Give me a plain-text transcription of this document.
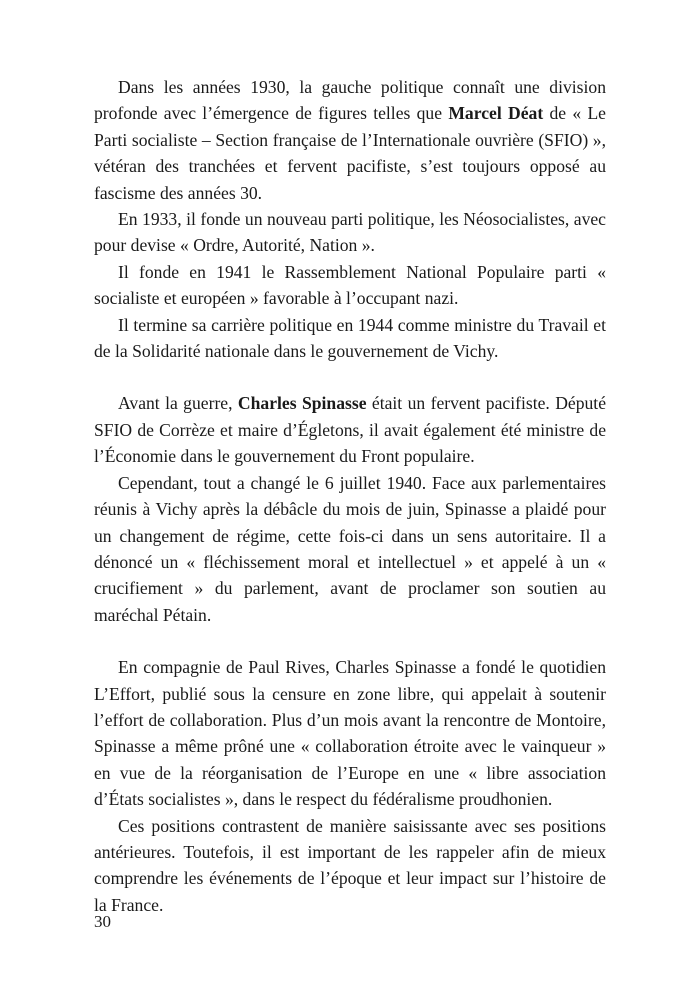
Dans les années 1930, la gauche politique connaît une division profonde avec l’émergence de figures telles que Marcel Déat de « Le Parti socialiste – Section française de l’Internationale ouvrière (SFIO) », vétéran des tranchées et fervent pacifiste, s’est toujours opposé au fascisme des années 30.

En 1933, il fonde un nouveau parti politique, les Néosocialistes, avec pour devise « Ordre, Autorité, Nation ».

Il fonde en 1941 le Rassemblement National Populaire parti « socialiste et européen » favorable à l’occupant nazi.

Il termine sa carrière politique en 1944 comme ministre du Travail et de la Solidarité nationale dans le gouvernement de Vichy.

Avant la guerre, Charles Spinasse était un fervent pacifiste. Député SFIO de Corrèze et maire d’Égletons, il avait également été ministre de l’Économie dans le gouvernement du Front populaire.

Cependant, tout a changé le 6 juillet 1940. Face aux parlementaires réunis à Vichy après la débâcle du mois de juin, Spinasse a plaidé pour un changement de régime, cette fois-ci dans un sens autoritaire. Il a dénoncé un « fléchissement moral et intellectuel » et appelé à un « crucifiement » du parlement, avant de proclamer son soutien au maréchal Pétain.

En compagnie de Paul Rives, Charles Spinasse a fondé le quotidien L’Effort, publié sous la censure en zone libre, qui appelait à soutenir l’effort de collaboration. Plus d’un mois avant la rencontre de Montoire, Spinasse a même prôné une « collaboration étroite avec le vainqueur » en vue de la réorganisation de l’Europe en une « libre association d’États socialistes », dans le respect du fédéralisme proudhonien.

Ces positions contrastent de manière saisissante avec ses positions antérieures. Toutefois, il est important de les rappeler afin de mieux comprendre les événements de l’époque et leur impact sur l’histoire de la France.

30
